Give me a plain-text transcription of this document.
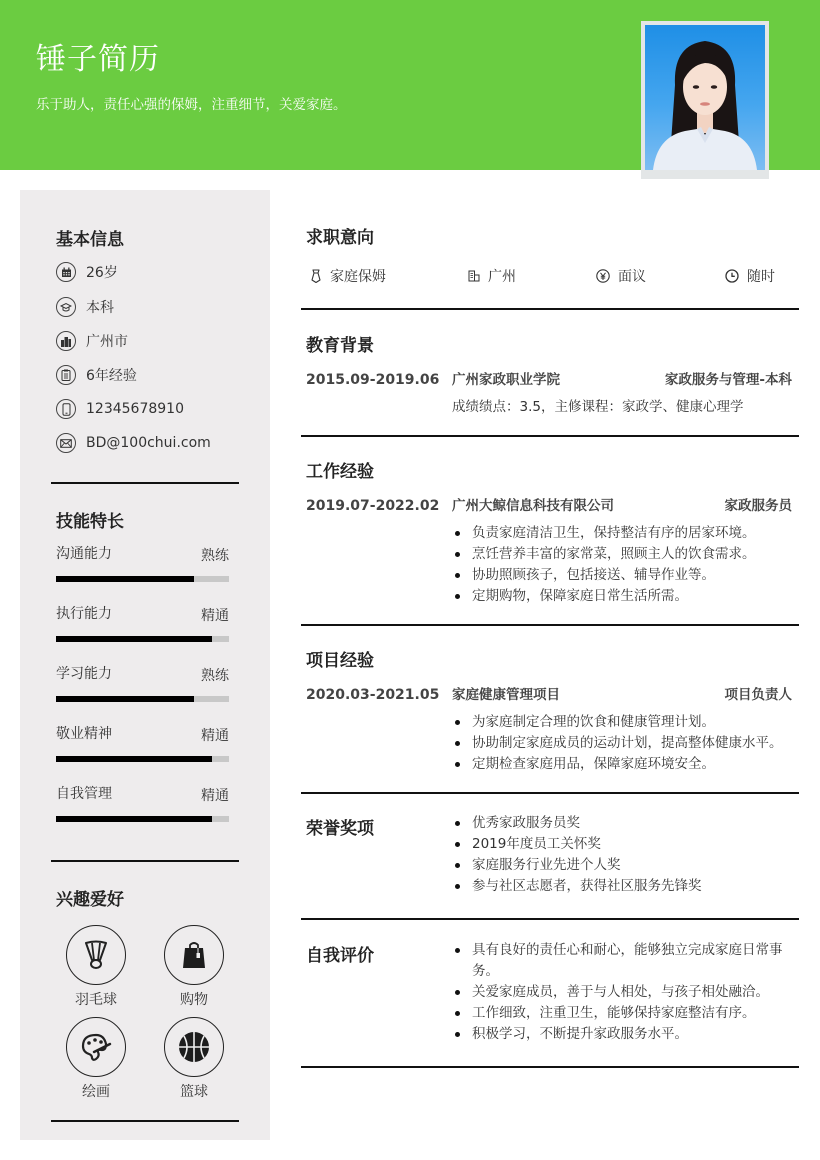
锤子简历
乐于助人，责任心强的保姆，注重细节，关爱家庭。
基本信息
26岁
本科
广州市
6年经验
12345678910
BD@100chui.com
技能特长
沟通能力	熟练
执行能力	精通
学习能力	熟练
敬业精神	精通
自我管理	精通
兴趣爱好
羽毛球	购物
绘画	篮球
求职意向
家庭保姆	广州	面议	随时
教育背景
2015.09-2019.06 广州家政职业学院	家政服务与管理-本科
成绩绩点：3.5，主修课程：家政学、健康心理学
工作经验
2019.07-2022.02 广州大鲸信息科技有限公司	家政服务员
负责家庭清洁卫生，保持整洁有序的居家环境。
烹饪营养丰富的家常菜，照顾主人的饮食需求。
协助照顾孩子，包括接送、辅导作业等。
定期购物，保障家庭日常生活所需。
项目经验
2020.03-2021.05 家庭健康管理项目	项目负责人
为家庭制定合理的饮食和健康管理计划。
协助制定家庭成员的运动计划，提高整体健康水平。
定期检查家庭用品，保障家庭环境安全。
荣誉奖项	优秀家政服务员奖
2019年度员工关怀奖
家庭服务行业先进个人奖
参与社区志愿者，获得社区服务先锋奖
自我评价	具有良好的责任心和耐心，能够独立完成家庭日常事务。
关爱家庭成员，善于与人相处，与孩子相处融洽。
工作细致，注重卫生，能够保持家庭整洁有序。
积极学习，不断提升家政服务水平。
